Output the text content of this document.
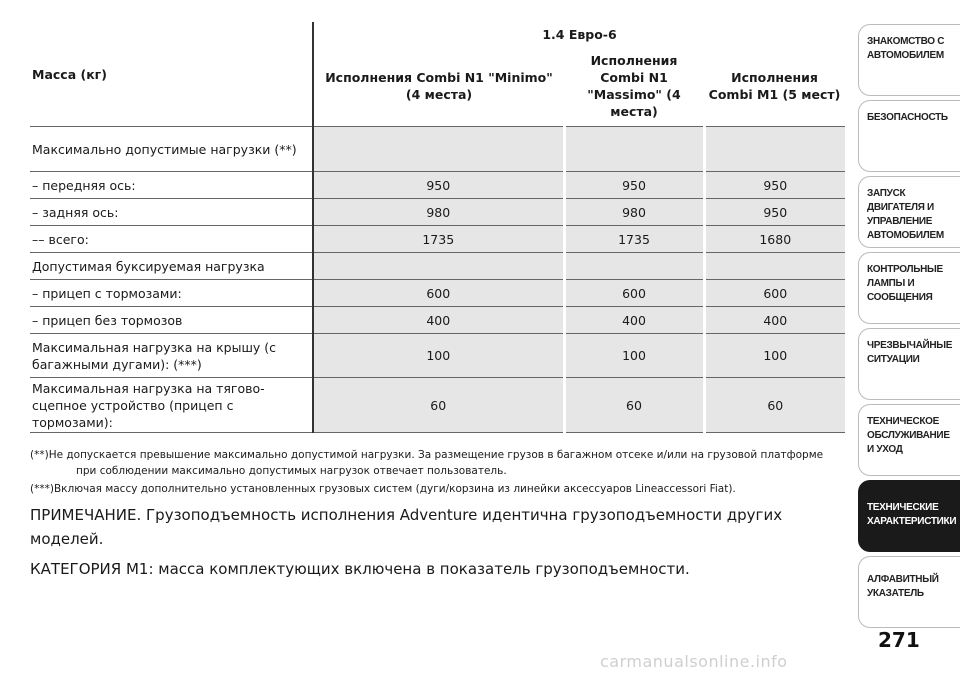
Масса (кг)	1.4 Евро-6		
	Исполнения Combi N1 "Minimo" (4 места)	Исполнения Combi N1 "Massimo" (4 места)	Исполнения Combi M1 (5 мест)
Максимально допустимые нагрузки (**)			
– передняя ось:	950	950	950
– задняя ось:	980	980	950
–– всего:	1735	1735	1680
Допустимая буксируемая нагрузка			
– прицеп с тормозами:	600	600	600
– прицеп без тормозов	400	400	400
Максимальная нагрузка на крышу (с багажными дугами): (***)	100	100	100
Максимальная нагрузка на тягово-сцепное устройство (прицеп с тормозами):	60	60	60

(**)Не допускается превышение максимально допустимой нагрузки. За размещение грузов в багажном отсеке и/или на грузовой платформе при соблюдении максимально допустимых нагрузок отвечает пользователь.

(***)Включая массу дополнительно установленных грузовых систем (дуги/корзина из линейки аксессуаров Lineaccessori Fiat).

ПРИМЕЧАНИЕ. Грузоподъемность исполнения Adventure идентична грузоподъемности других моделей.

КАТЕГОРИЯ M1: масса комплектующих включена в показатель грузоподъемности.

ЗНАКОМСТВО С АВТОМОБИЛЕМ
БЕЗОПАСНОСТЬ
ЗАПУСК ДВИГАТЕЛЯ И УПРАВЛЕНИЕ АВТОМОБИЛЕМ
КОНТРОЛЬНЫЕ ЛАМПЫ И СООБЩЕНИЯ
ЧРЕЗВЫЧАЙНЫЕ СИТУАЦИИ
ТЕХНИЧЕСКОЕ ОБСЛУЖИВАНИЕ И УХОД
ТЕХНИЧЕСКИЕ ХАРАКТЕРИСТИКИ
АЛФАВИТНЫЙ УКАЗАТЕЛЬ
271
carmanualsonline.info
